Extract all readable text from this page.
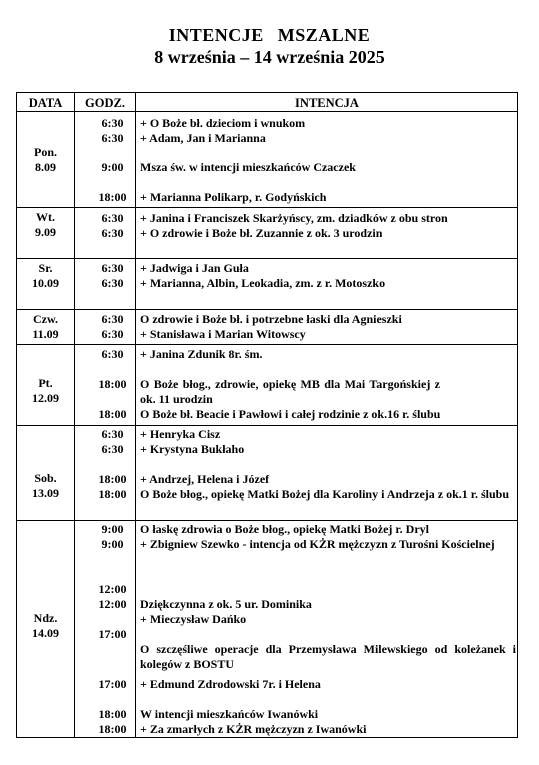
INTENCJE MSZALNE
8 września – 14 września 2025
DATA	GODZ.	INTENCJA
Pon.
8.09
Wt.
9.09
Sr.
10.09
Czw.
11.09
Pt.
12.09
Sob.
13.09
Ndz.
14.09
6:30
6:30
9:00
18:00
6:30
6:30
6:30
6:30
6:30
6:30
6:30
18:00
18:00
6:30
6:30
18:00
18:00
9:00
9:00
12:00
12:00
17:00
17:00
18:00
18:00
+ O Boże bł. dzieciom i wnukom
+ Adam, Jan i Marianna
Msza św. w intencji mieszkańców Czaczek
+ Marianna Polikarp, r. Godyńskich
+ Janina i Franciszek Skarżyńscy, zm. dziadków z obu stron
+ O zdrowie i Boże bł. Zuzannie z ok. 3 urodzin
+ Jadwiga i Jan Guła
+ Marianna, Albin, Leokadia, zm. z r. Motoszko
O zdrowie i Boże bł. i potrzebne łaski dla Agnieszki
+ Stanisława i Marian Witowscy
+ Janina Zdunik 8r. śm.
O Boże błog., zdrowie, opiekę MB dla Mai Targońskiej z ok. 11 urodzin
O Boże bł. Beacie i Pawłowi i całej rodzinie z ok.16 r. ślubu
+ Henryka Cisz
+ Krystyna Bukłaho
+ Andrzej, Helena i Józef
O Boże błog., opiekę Matki Bożej dla Karoliny i Andrzeja z ok.1 r. ślubu
O łaskę zdrowia o Boże błog., opiekę Matki Bożej r. Dryl
+ Zbigniew Szewko - intencja od KŻR mężczyzn z Turośni Kościelnej
Dziękczynna z ok. 5 ur. Dominika
+ Mieczysław Dańko
O szczęśliwe operacje dla Przemysława Milewskiego od koleżanek i kolegów z BOSTU
+ Edmund Zdrodowski 7r. i Helena
W intencji mieszkańców Iwanówki
+ Za zmarłych z KŻR mężczyzn z Iwanówki
